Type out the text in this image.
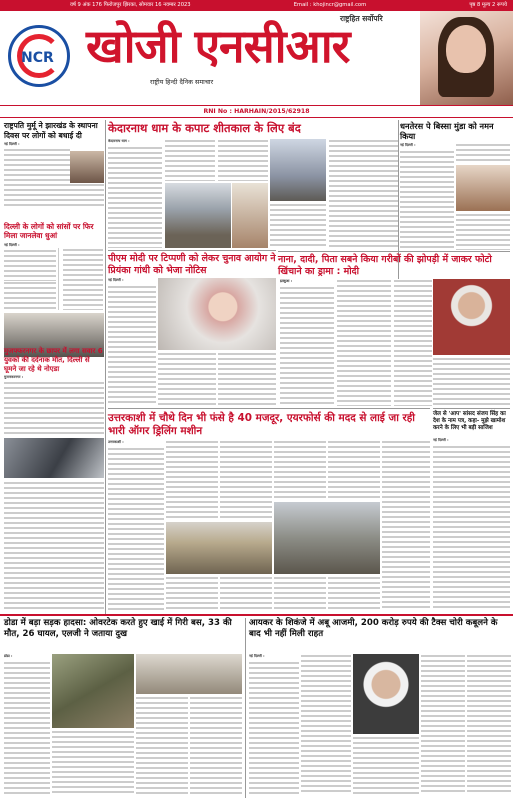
वर्ष 9 अंक 176 फिरोजपुर झिरका, सोमवार 16 नवम्बर 2023	Email : khojincr@gmail.com	पृष्ठ 8 मूल्य 2 रूपये
NCR खोजी एनसीआर
राष्ट्रहित सर्वोपरि
राष्ट्रीय हिन्दी दैनिक समाचार
RNI No : HARHAIN/2015/62918
राष्ट्रपति मुर्मू ने झारखंड के स्थापना दिवस पर लोगों को बधाई दी
नई दिल्ली :
दिल्ली के लोगों को सांसों पर फिर मिला जानलेवा धुआं
नई दिल्ली :
मुजफ्फरनगर के छापर में लगा सवार 6 युवकों की दर्दनाक मौत, दिल्ली से घूमने जा रहे थे नोएडा
मुजफ्फरनगर :
केदारनाथ धाम के कपाट शीतकाल के लिए बंद
केदारनाथ धाम :
पीएम मोदी पर टिप्पणी को लेकर चुनाव आयोग ने प्रियंका गांधी को भेजा नोटिस
नई दिल्ली :
धनतेरस पे बिस्सा मुंडा को नमन किया
नई दिल्ली :
नाना, दादी, पिता सबने किया गरीबों की झोपड़ी में जाकर फोटो खिंचाने का ड्रामा : मोदी
झाबुआ :
जेल से 'आप' सांसद संजय सिंह का देश के नाम पत्र, कहा- मुझे खामोश करने के लिए भी बड़ी साजिश
नई दिल्ली :
उत्तरकाशी में चौथे दिन भी फंसे है 40 मजदूर, एयरफोर्स की मदद से लाई जा रही भारी ऑगर ड्रिलिंग मशीन
उत्तरकाशी :
डोडा में बड़ा सड़क हादसा: ओवरटेक करते हुए खाई में गिरी बस, 33 की मौत, 26 घायल, एलजी ने जताया दुख
डोडा :
आयकर के शिकंजे में अबू आजमी, 200 करोड़ रुपये की टैक्स चोरी कबूलने के बाद भी नहीं मिली राहत
नई दिल्ली :
